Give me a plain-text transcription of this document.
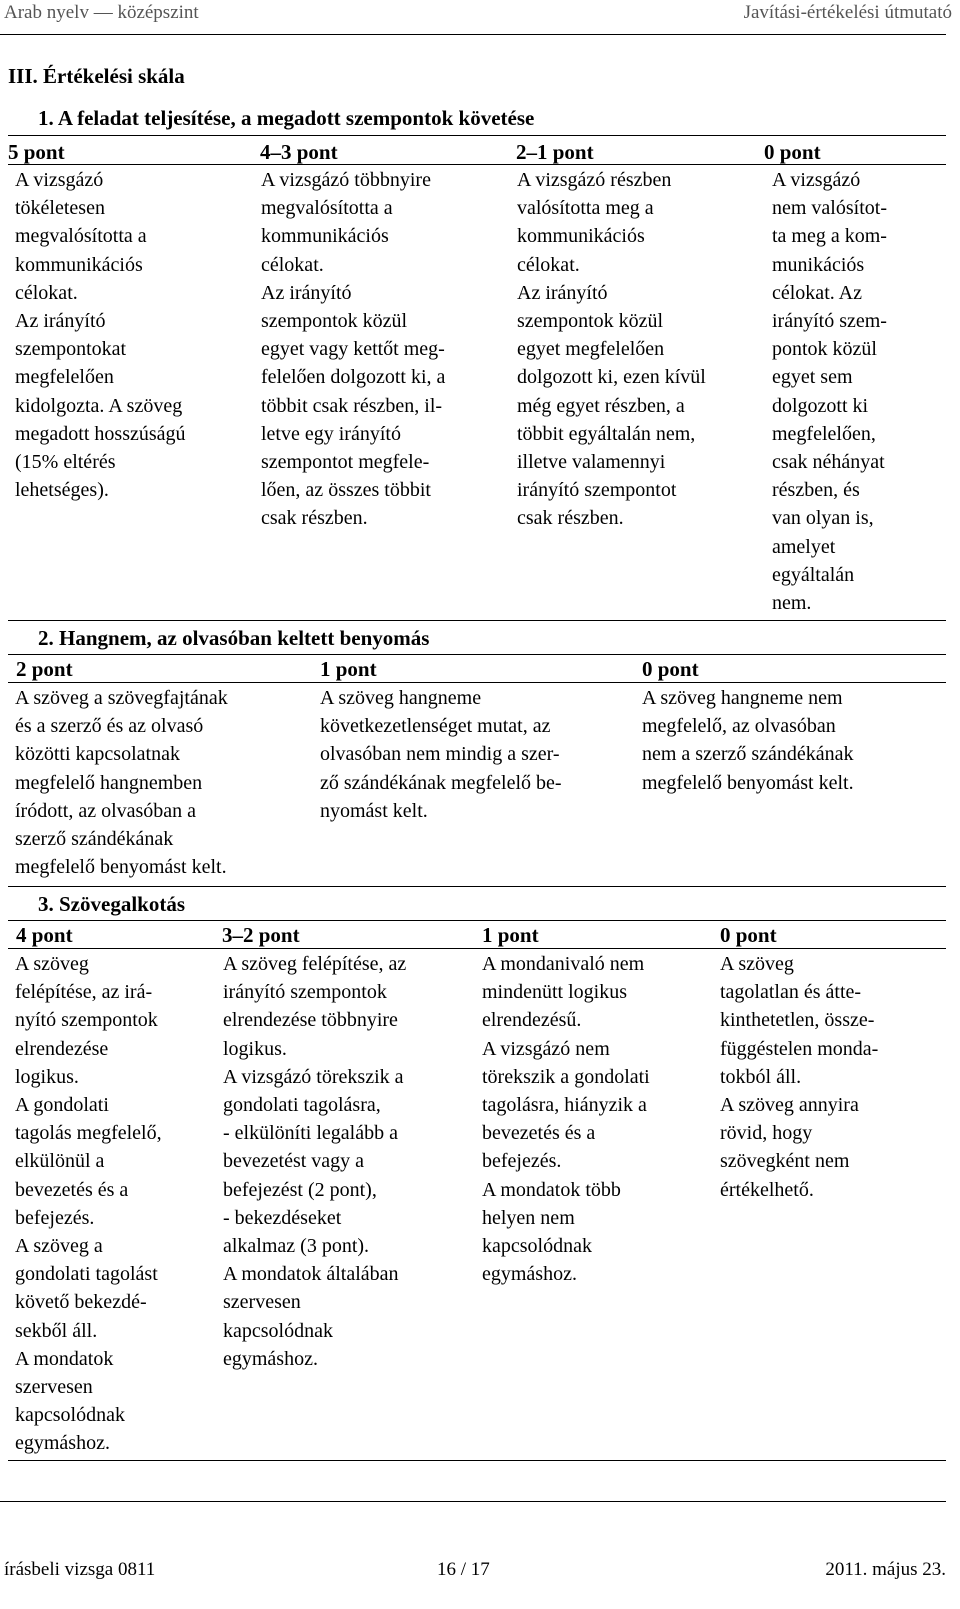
Arab nyelv — középszint	Javítási-értékelési útmutató
III. Értékelési skála
1. A feladat teljesítése, a megadott szempontok követése
5 pont	4–3 pont	2–1 pont	0 pont

A vizsgázó
tökéletesen
megvalósította a
kommunikációs
célokat.
Az irányító
szempontokat
megfelelően
kidolgozta. A szöveg
megadott hosszúságú
(15% eltérés
lehetséges).

A vizsgázó többnyire
megvalósította a
kommunikációs
célokat.
Az irányító
szempontok közül
egyet vagy kettőt meg-
felelően dolgozott ki, a
többit csak részben, il-
letve egy irányító
szempontot megfele-
lően, az összes többit
csak részben.

A vizsgázó részben
valósította meg a
kommunikációs
célokat.
Az irányító
szempontok közül
egyet megfelelően
dolgozott ki, ezen kívül
még egyet részben, a
többit egyáltalán nem,
illetve valamennyi
irányító szempontot
csak részben.

A vizsgázó
nem valósítot-
ta meg a kom-
munikációs
célokat. Az
irányító szem-
pontok közül
egyet sem
dolgozott ki
megfelelően,
csak néhányat
részben, és
van olyan is,
amelyet
egyáltalán
nem.

2. Hangnem, az olvasóban keltett benyomás
2 pont	1 pont	0 pont

A szöveg a szövegfajtának
és a szerző és az olvasó
közötti kapcsolatnak
megfelelő hangnemben
íródott, az olvasóban a
szerző szándékának
megfelelő benyomást kelt.

A szöveg hangneme
következetlenséget mutat, az
olvasóban nem mindig a szer-
ző szándékának megfelelő be-
nyomást kelt.

A szöveg hangneme nem
megfelelő, az olvasóban
nem a szerző szándékának
megfelelő benyomást kelt.

3. Szövegalkotás
4 pont	3–2 pont	1 pont	0 pont

A szöveg
felépítése, az irá-
nyító szempontok
elrendezése
logikus.
A gondolati
tagolás megfelelő,
elkülönül a
bevezetés és a
befejezés.
A szöveg a
gondolati tagolást
követő bekezdé-
sekből áll.
A mondatok
szervesen
kapcsolódnak
egymáshoz.

A szöveg felépítése, az
irányító szempontok
elrendezése többnyire
logikus.
A vizsgázó törekszik a
gondolati tagolásra,
- elkülöníti legalább a
bevezetést vagy a
befejezést (2 pont),
- bekezdéseket
alkalmaz (3 pont).
A mondatok általában
szervesen
kapcsolódnak
egymáshoz.

A mondanivaló nem
mindenütt logikus
elrendezésű.
A vizsgázó nem
törekszik a gondolati
tagolásra, hiányzik a
bevezetés és a
befejezés.
A mondatok több
helyen nem
kapcsolódnak
egymáshoz.

A szöveg
tagolatlan és átte-
kinthetetlen, össze-
függéstelen monda-
tokból áll.
A szöveg annyira
rövid, hogy
szövegként nem
értékelhető.

írásbeli vizsga 0811	16 / 17	2011. május 23.
